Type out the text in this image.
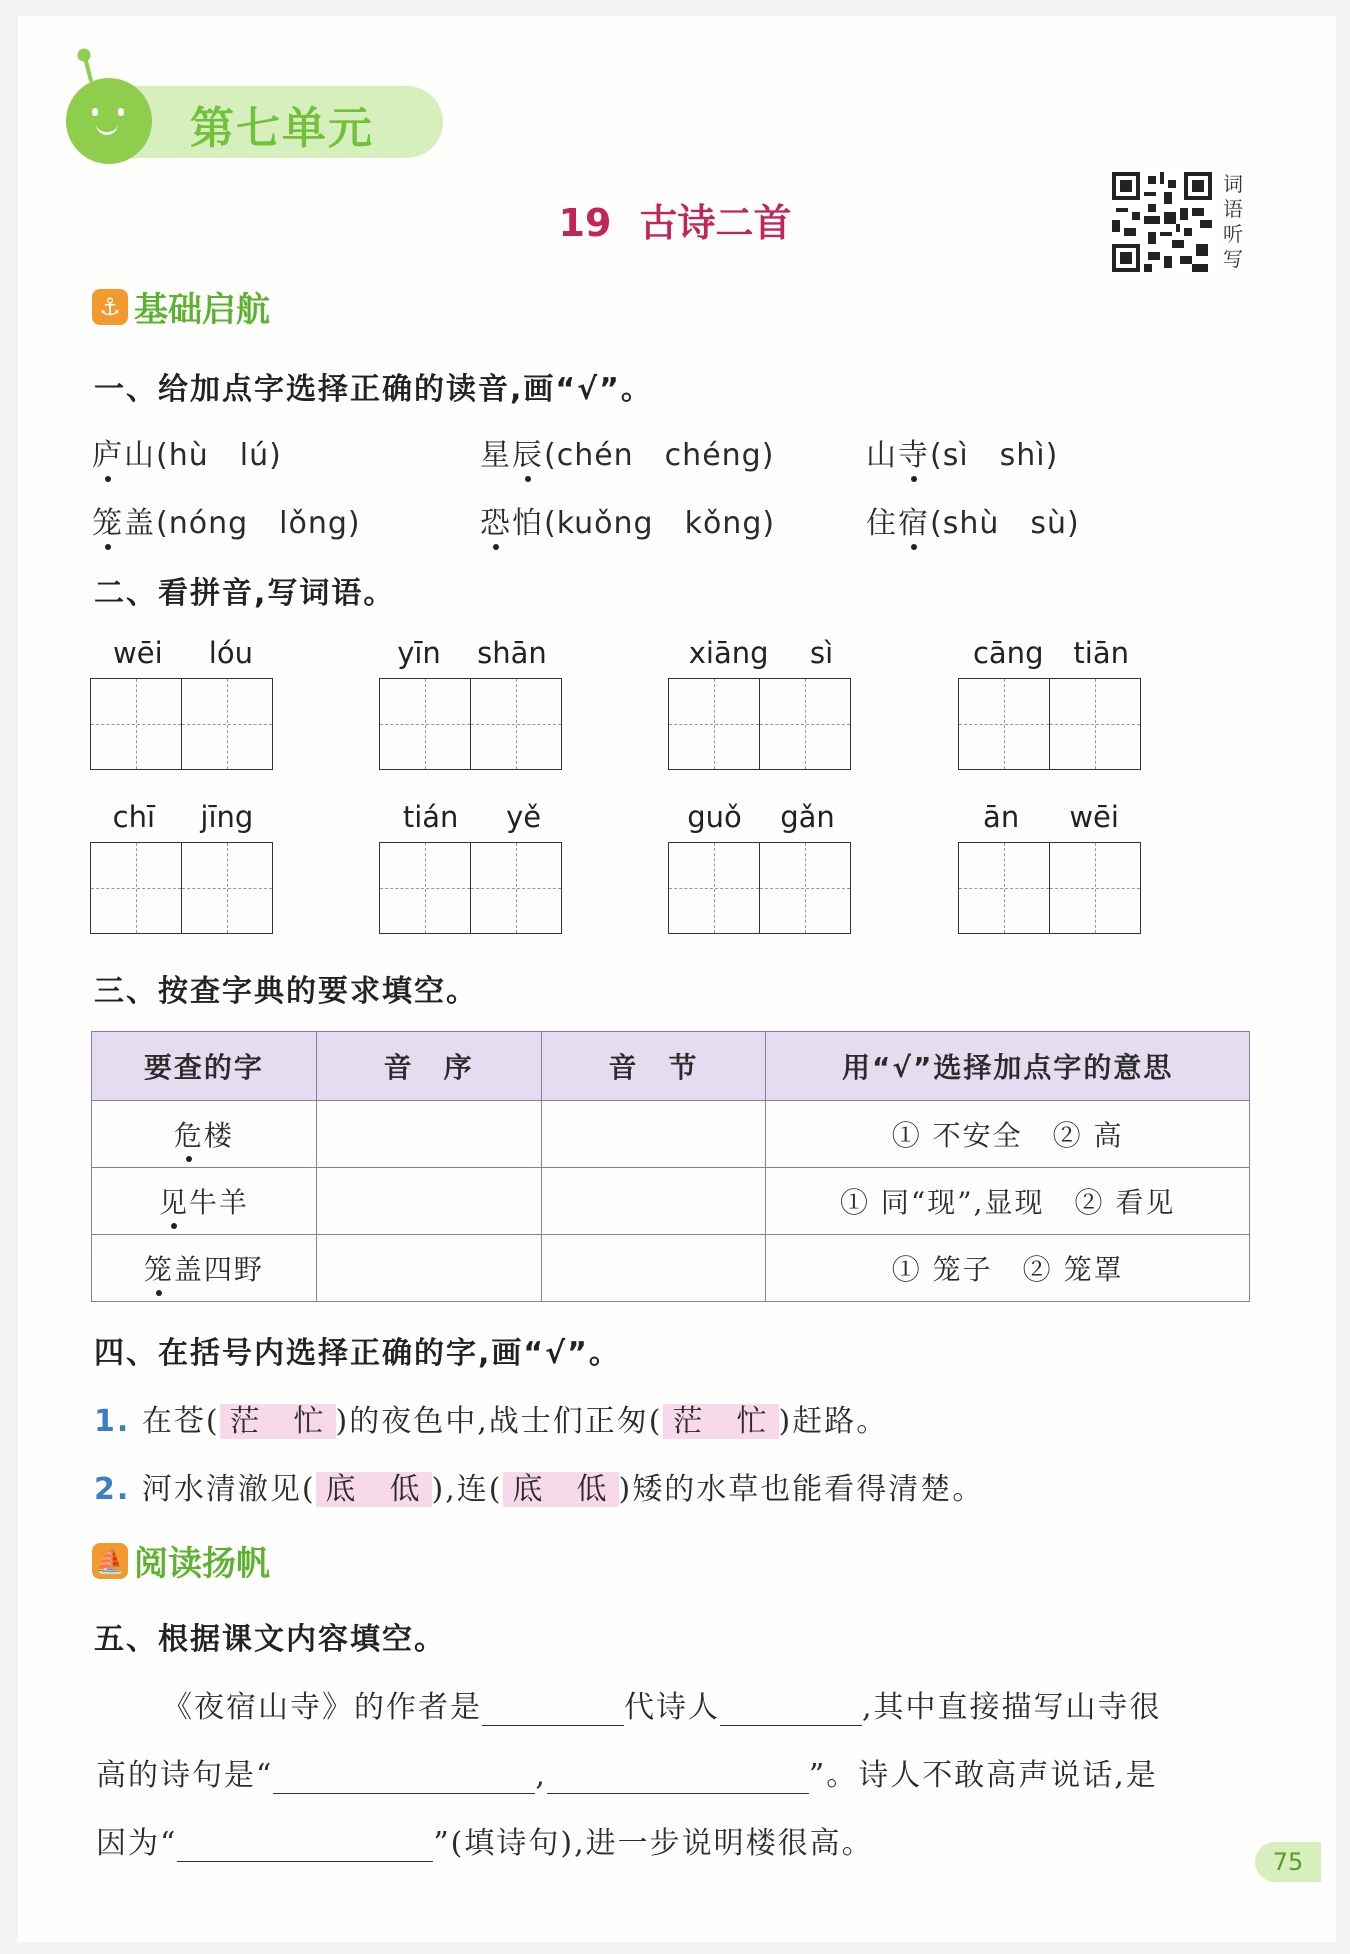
第七单元
19 古诗二首
词
语
听
写
⚓ 基础启航
一、给加点字选择正确的读音,画“√”。
庐山(hù　lú)	星辰(chén　chéng)	山寺(sì　shì)
笼盖(nóng　lǒng)	恐怕(kuǒng　kǒng)	住宿(shù　sù)
二、看拼音,写词语。
wēi lóu	yīn shān	xiāng sì	cāng tiān
chī jīng	tián yě	guǒ gǎn	ān wēi
三、按查字典的要求填空。
要查的字	音　序	音　节	用“√”选择加点字的意思
危楼			① 不安全　② 高
见牛羊			① 同“现”,显现　② 看见
笼盖四野			① 笼子　② 笼罩
四、在括号内选择正确的字,画“√”。
1. 在苍( 茫　忙 )的夜色中,战士们正匆( 茫　忙 )赶路。
2. 河水清澈见( 底　低 ),连( 底　低 )矮的水草也能看得清楚。
⛵ 阅读扬帆
五、根据课文内容填空。
《夜宿山寺》的作者是	代诗人	,其中直接描写山寺很
高的诗句是“	,	”。诗人不敢高声说话,是
因为“	”(填诗句),进一步说明楼很高。
75
